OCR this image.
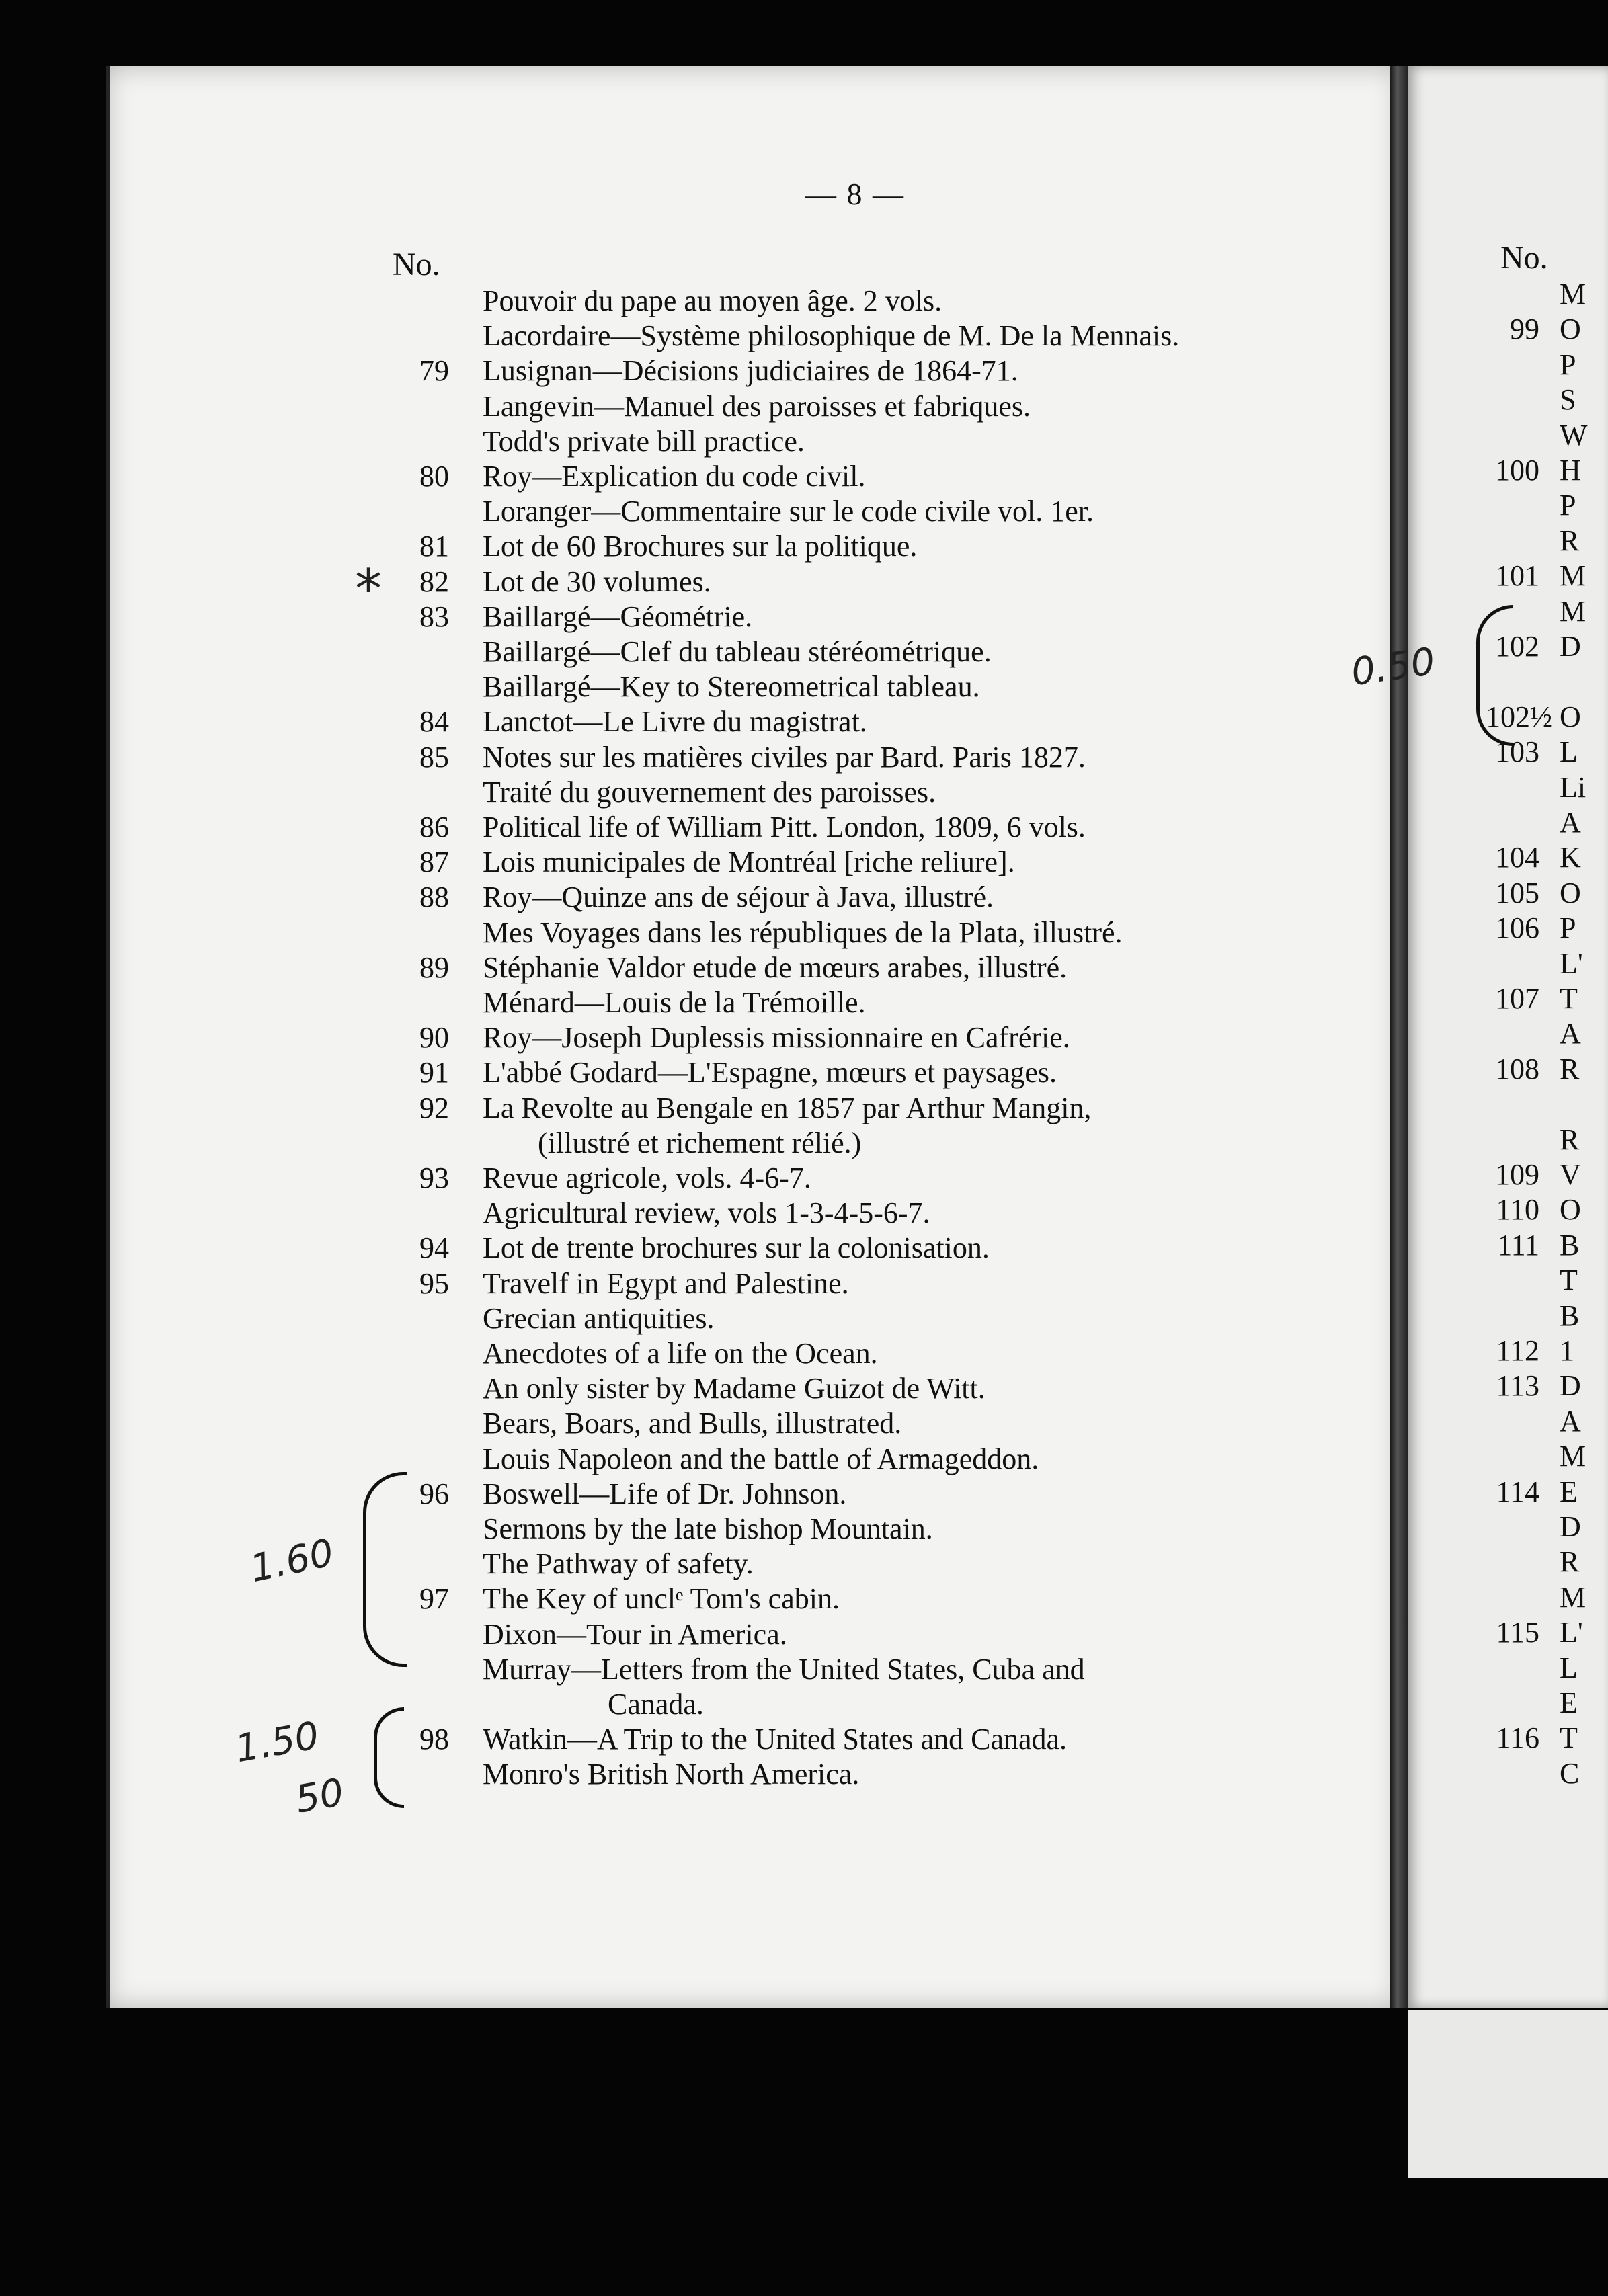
— 8 —
No.	No.
Pouvoir du pape au moyen âge. 2 vols.
Lacordaire—Système philosophique de M. De la Mennais.
79 Lusignan—Décisions judiciaires de 1864-71.
Langevin—Manuel des paroisses et fabriques.
Todd's private bill practice.
80 Roy—Explication du code civil.
Loranger—Commentaire sur le code civile vol. 1er.
81 Lot de 60 Brochures sur la politique.
82 Lot de 30 volumes.
83 Baillargé—Géométrie.
Baillargé—Clef du tableau stéréométrique.
Baillargé—Key to Stereometrical tableau.
84 Lanctot—Le Livre du magistrat.
85 Notes sur les matières civiles par Bard. Paris 1827.
Traité du gouvernement des paroisses.
86 Political life of William Pitt. London, 1809, 6 vols.
87 Lois municipales de Montréal [riche reliure].
88 Roy—Quinze ans de séjour à Java, illustré.
Mes Voyages dans les républiques de la Plata, illustré.
89 Stéphanie Valdor etude de mœurs arabes, illustré.
Ménard—Louis de la Trémoille.
90 Roy—Joseph Duplessis missionnaire en Cafrérie.
91 L'abbé Godard—L'Espagne, mœurs et paysages.
92 La Revolte au Bengale en 1857 par Arthur Mangin,
(illustré et richement rélié.)
93 Revue agricole, vols. 4-6-7.
Agricultural review, vols 1-3-4-5-6-7.
94 Lot de trente brochures sur la colonisation.
95 Travelf in Egypt and Palestine.
Grecian antiquities.
Anecdotes of a life on the Ocean.
An only sister by Madame Guizot de Witt.
Bears, Boars, and Bulls, illustrated.
Louis Napoleon and the battle of Armageddon.
96 Boswell—Life of Dr. Johnson.
Sermons by the late bishop Mountain.
The Pathway of safety.
97 The Key of unclᵉ Tom's cabin.
Dixon—Tour in America.
Murray—Letters from the United States, Cuba and
Canada.
98 Watkin—A Trip to the United States and Canada.
Monro's British North America.
M
99 O
P
S
W
100 H
P
R
101 M
M
102 D
102½ O
103 L
Li
A
104 K
105 O
106 P
L'
107 T
A
108 R
R
109 V
110 O
111 B
T
B
112 1
113 D
A
M
114 E
D
R
M
115 L'
L
E
116 T
C
*
1.60
1.50
50
0.50
